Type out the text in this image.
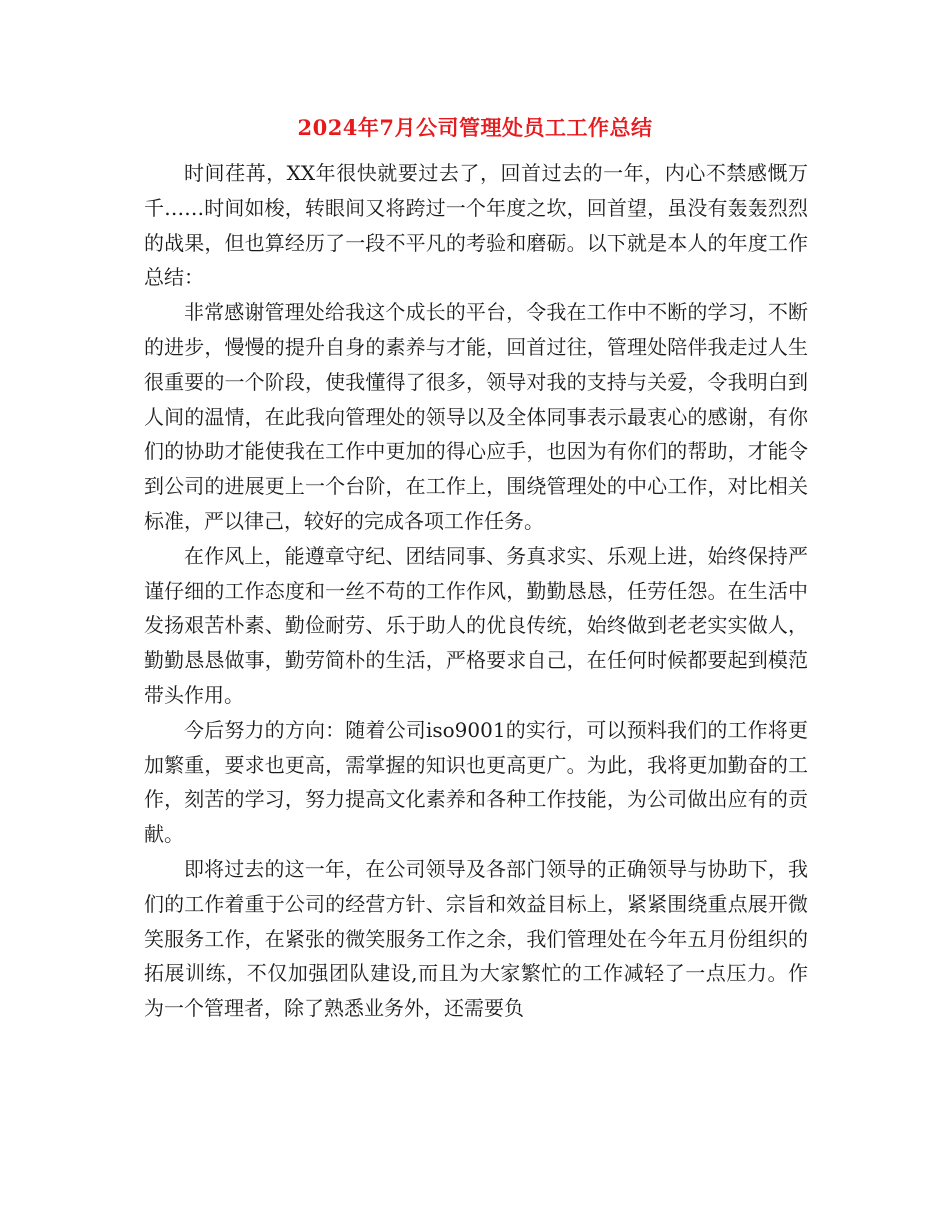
2024年7月公司管理处员工工作总结

时间荏苒，XX年很快就要过去了，回首过去的一年，内心不禁感慨万千……时间如梭，转眼间又将跨过一个年度之坎，回首望，虽没有轰轰烈烈的战果，但也算经历了一段不平凡的考验和磨砺。以下就是本人的年度工作总结：

非常感谢管理处给我这个成长的平台，令我在工作中不断的学习，不断的进步，慢慢的提升自身的素养与才能，回首过往，管理处陪伴我走过人生很重要的一个阶段，使我懂得了很多，领导对我的支持与关爱，令我明白到人间的温情，在此我向管理处的领导以及全体同事表示最衷心的感谢，有你们的协助才能使我在工作中更加的得心应手，也因为有你们的帮助，才能令到公司的进展更上一个台阶，在工作上，围绕管理处的中心工作，对比相关标准，严以律己，较好的完成各项工作任务。

在作风上，能遵章守纪、团结同事、务真求实、乐观上进，始终保持严谨仔细的工作态度和一丝不苟的工作作风，勤勤恳恳，任劳任怨。在生活中发扬艰苦朴素、勤俭耐劳、乐于助人的优良传统，始终做到老老实实做人，勤勤恳恳做事，勤劳简朴的生活，严格要求自己，在任何时候都要起到模范带头作用。

今后努力的方向：随着公司iso9001的实行，可以预料我们的工作将更加繁重，要求也更高，需掌握的知识也更高更广。为此，我将更加勤奋的工作，刻苦的学习，努力提高文化素养和各种工作技能，为公司做出应有的贡献。

即将过去的这一年，在公司领导及各部门领导的正确领导与协助下，我们的工作着重于公司的经营方针、宗旨和效益目标上，紧紧围绕重点展开微笑服务工作，在紧张的微笑服务工作之余，我们管理处在今年五月份组织的拓展训练，不仅加强团队建设,而且为大家繁忙的工作减轻了一点压力。作为一个管理者，除了熟悉业务外，还需要负
